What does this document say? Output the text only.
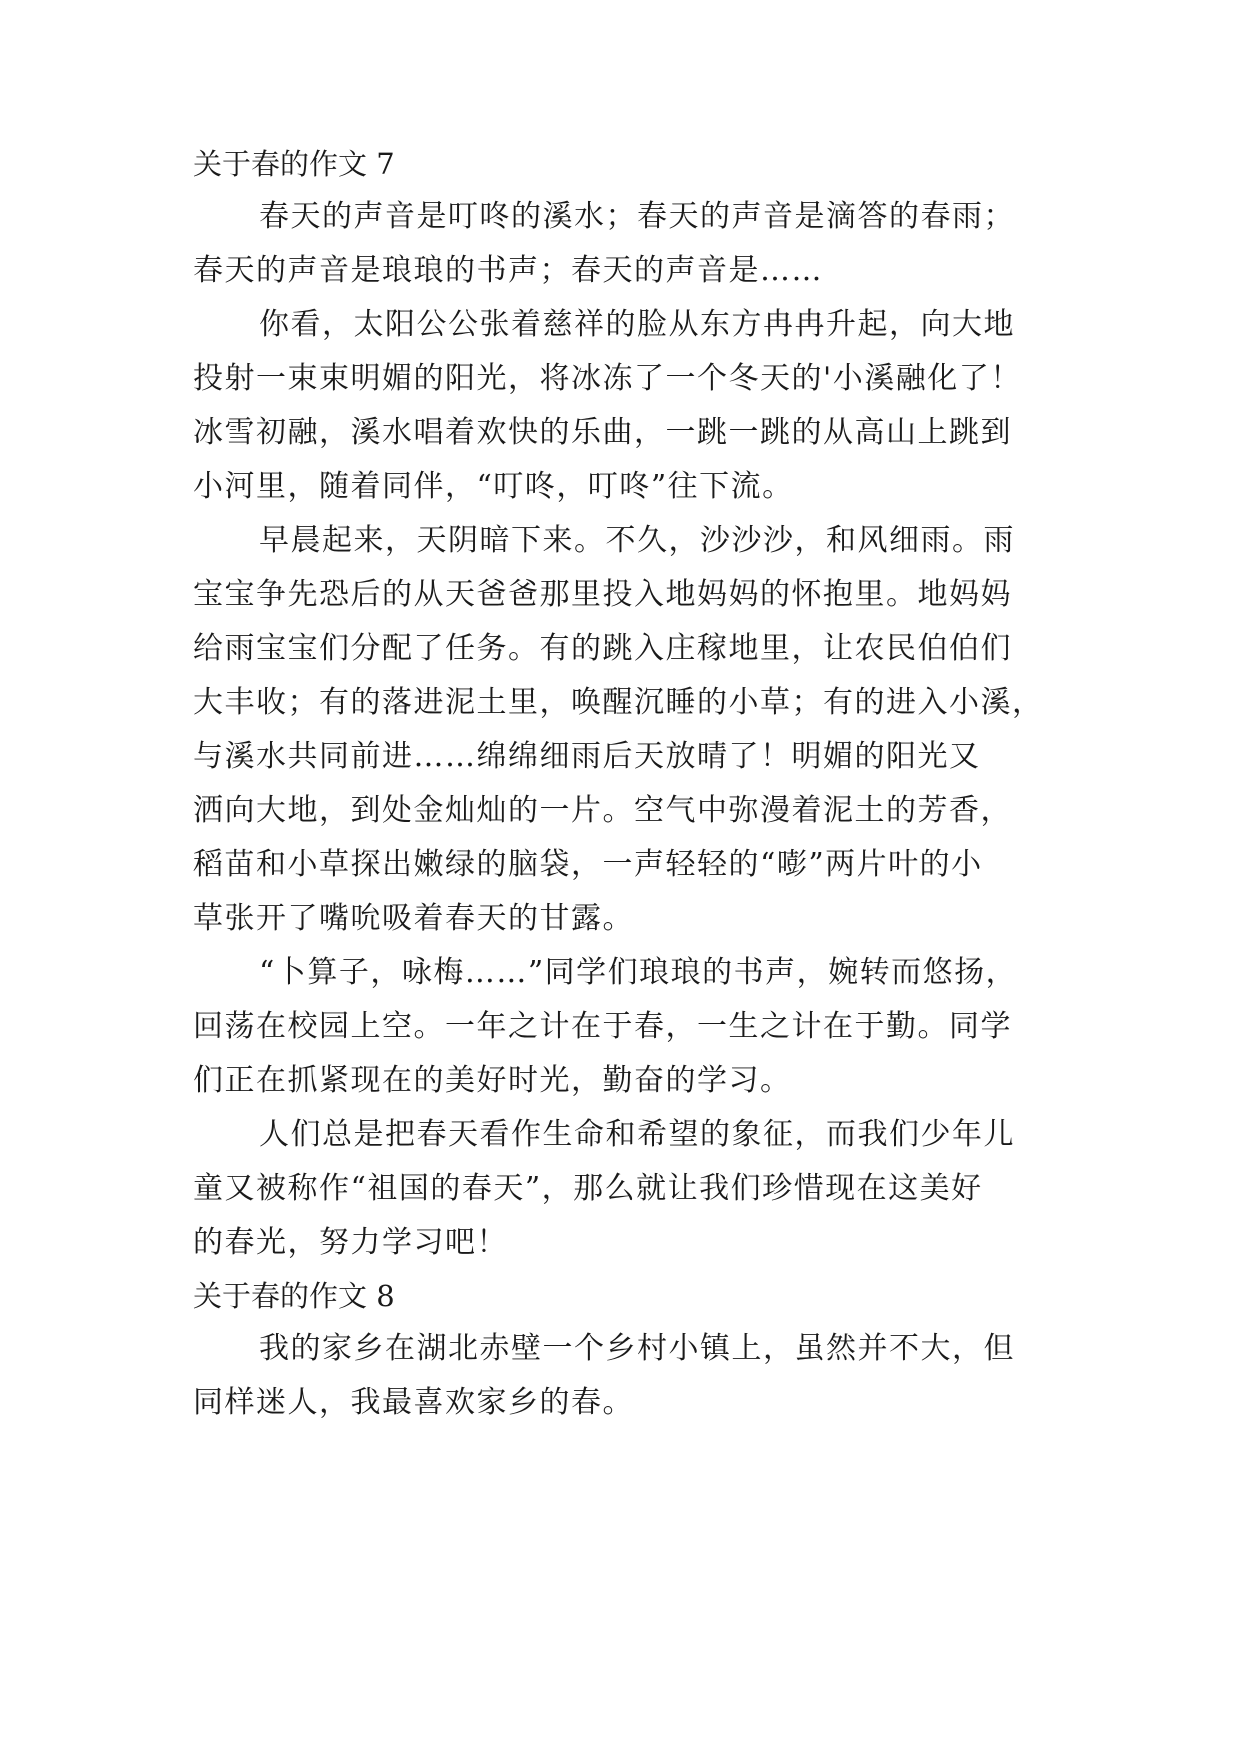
关于春的作文 7
春天的声音是叮咚的溪水；春天的声音是滴答的春雨；
春天的声音是琅琅的书声；春天的声音是……
你看，太阳公公张着慈祥的脸从东方冉冉升起，向大地
投射一束束明媚的阳光，将冰冻了一个冬天的'小溪融化了！
冰雪初融，溪水唱着欢快的乐曲，一跳一跳的从高山上跳到
小河里，随着同伴，“叮咚，叮咚”往下流。
早晨起来，天阴暗下来。不久，沙沙沙，和风细雨。雨
宝宝争先恐后的从天爸爸那里投入地妈妈的怀抱里。地妈妈
给雨宝宝们分配了任务。有的跳入庄稼地里，让农民伯伯们
大丰收；有的落进泥土里，唤醒沉睡的小草；有的进入小溪，
与溪水共同前进……绵绵细雨后天放晴了！明媚的阳光又
洒向大地，到处金灿灿的一片。空气中弥漫着泥土的芳香，
稻苗和小草探出嫩绿的脑袋，一声轻轻的“嘭”两片叶的小
草张开了嘴吮吸着春天的甘露。
“卜算子，咏梅……”同学们琅琅的书声，婉转而悠扬，
回荡在校园上空。一年之计在于春，一生之计在于勤。同学
们正在抓紧现在的美好时光，勤奋的学习。
人们总是把春天看作生命和希望的象征，而我们少年儿
童又被称作“祖国的春天”，那么就让我们珍惜现在这美好
的春光，努力学习吧！
关于春的作文 8
我的家乡在湖北赤壁一个乡村小镇上，虽然并不大，但
同样迷人，我最喜欢家乡的春。
